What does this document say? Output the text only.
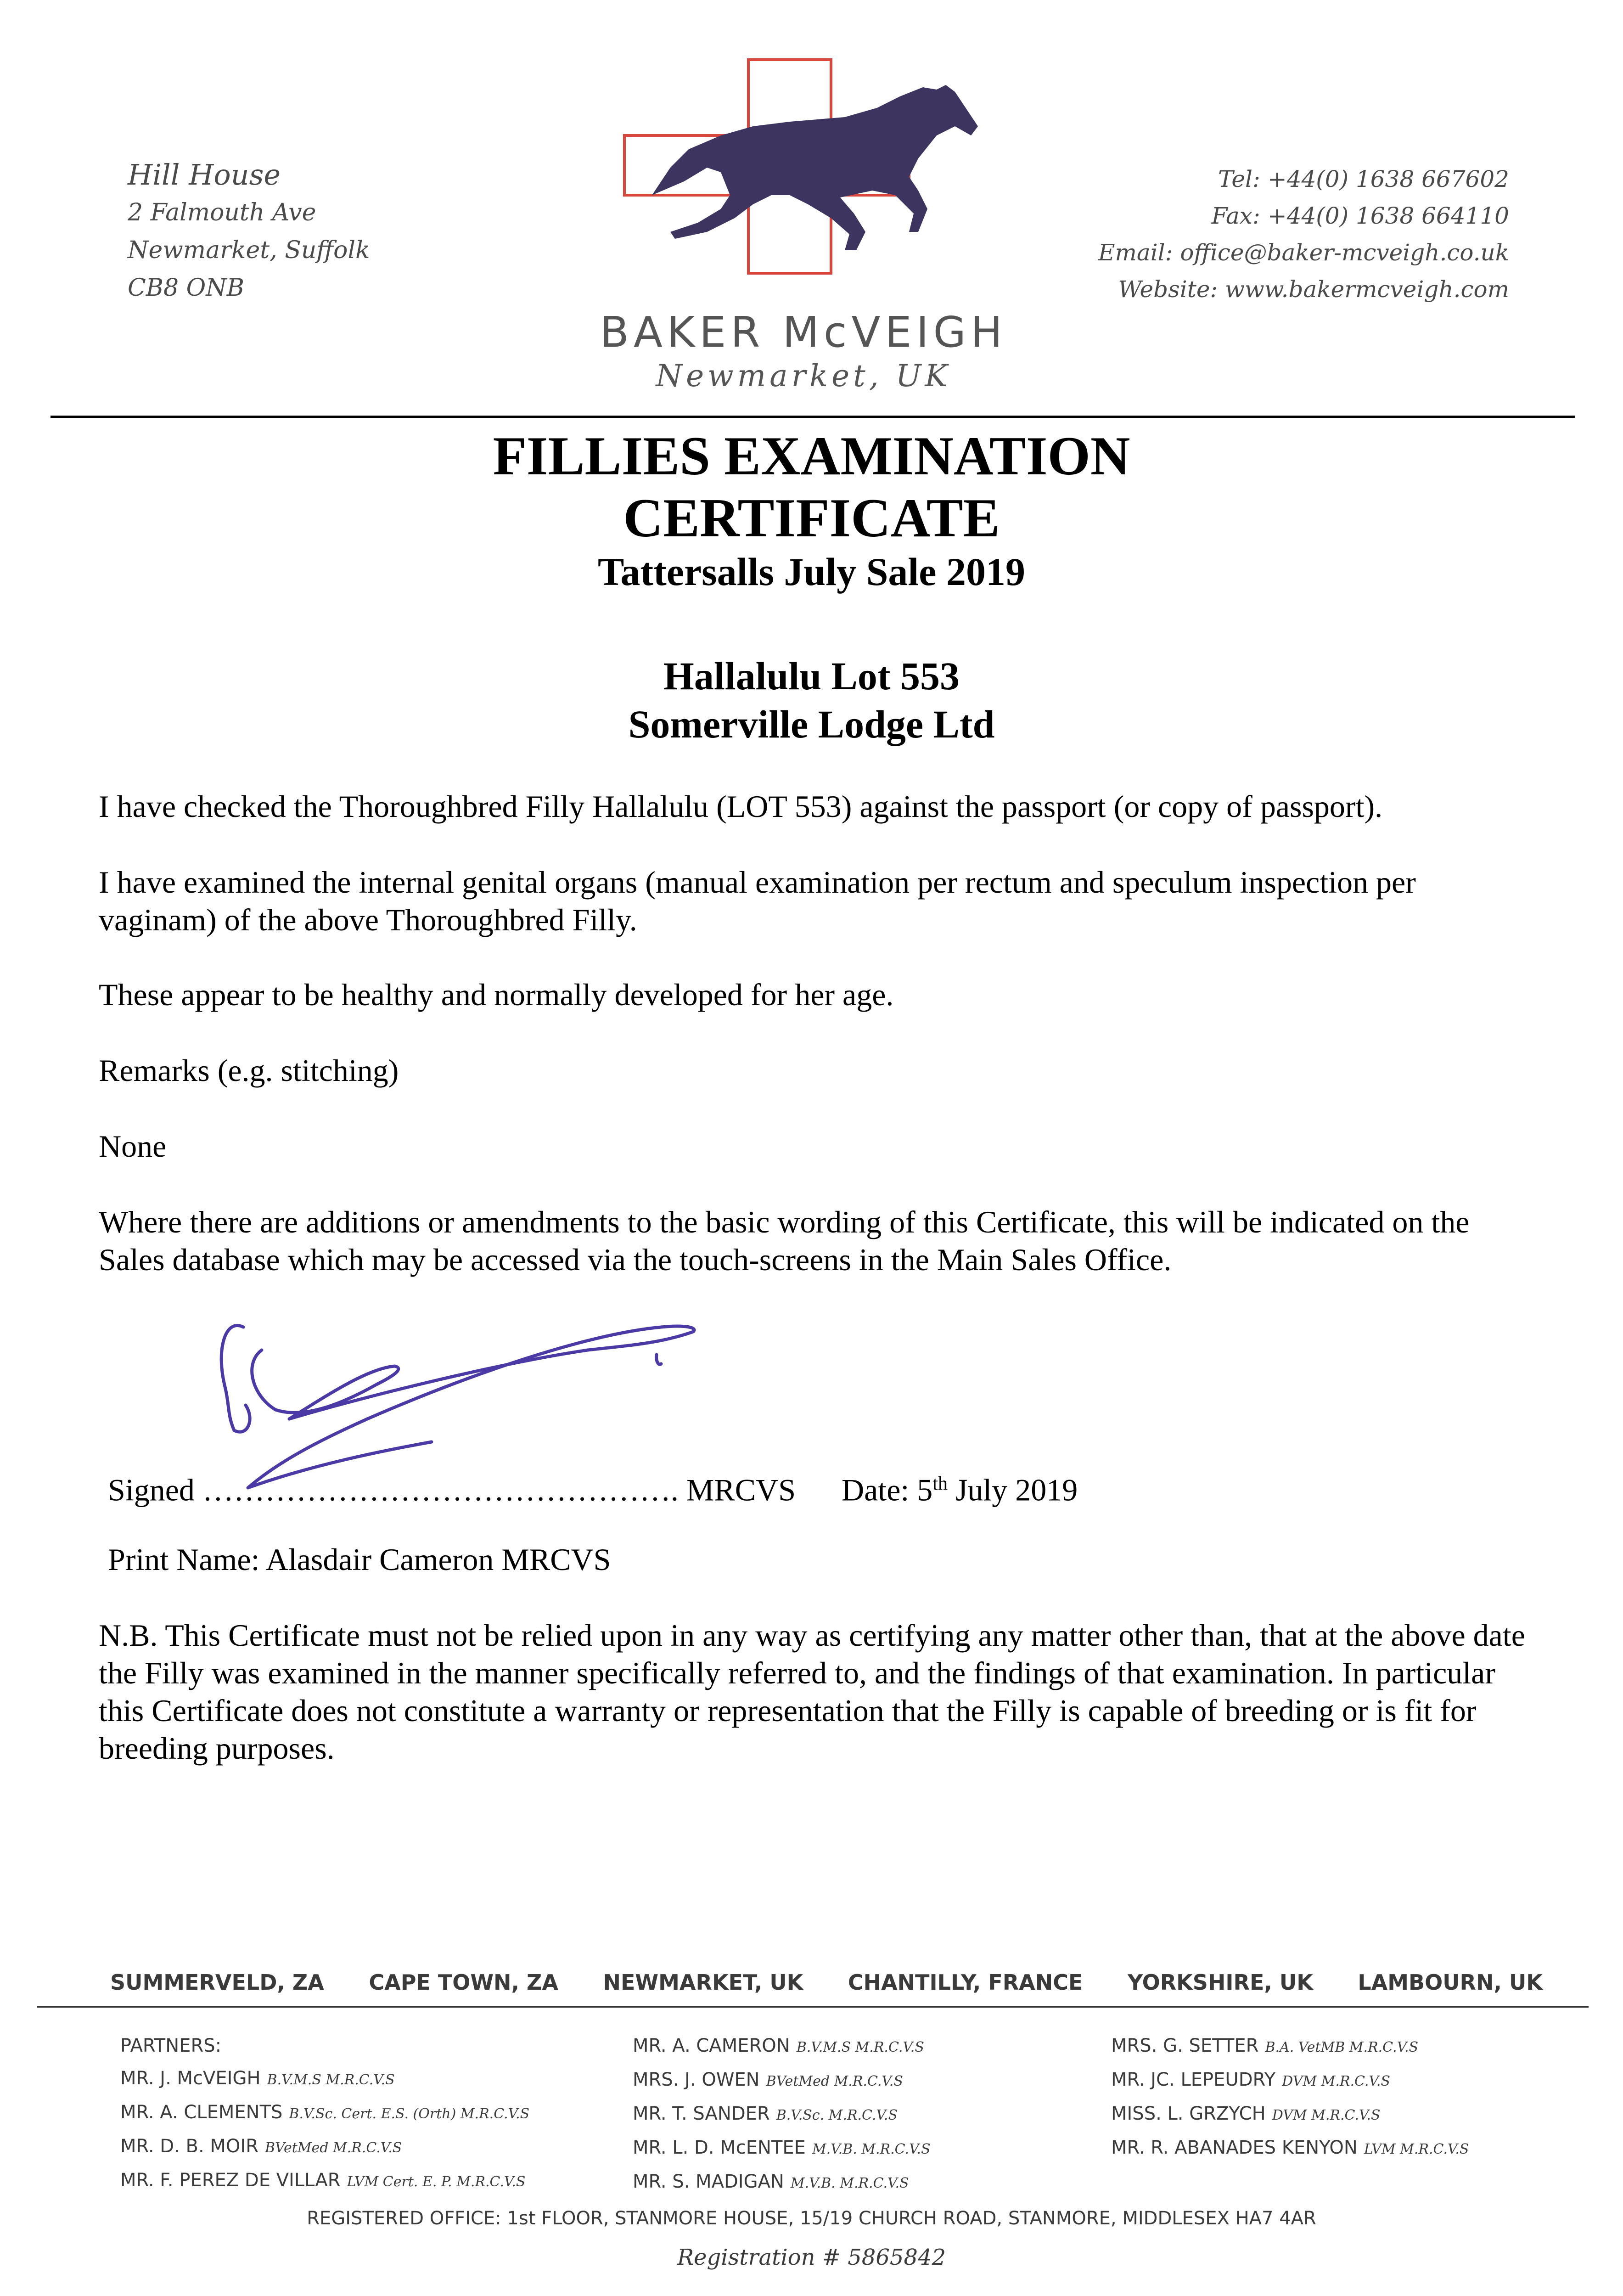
Hill House
2 Falmouth Ave
Newmarket, Suffolk
CB8 ONB
BAKER McVEIGH
Newmarket, UK
Tel: +44(0) 1638 667602
Fax: +44(0) 1638 664110
Email: office@baker-mcveigh.co.uk
Website: www.bakermcveigh.com
FILLIES EXAMINATION
CERTIFICATE
Tattersalls July Sale 2019
Hallalulu Lot 553
Somerville Lodge Ltd
I have checked the Thoroughbred Filly Hallalulu (LOT 553) against the passport (or copy of passport).
I have examined the internal genital organs (manual examination per rectum and speculum inspection per vaginam) of the above Thoroughbred Filly.
These appear to be healthy and normally developed for her age.
Remarks (e.g. stitching)
None
Where there are additions or amendments to the basic wording of this Certificate, this will be indicated on the Sales database which may be accessed via the touch-screens in the Main Sales Office.
Signed ………………………………………. MRCVS Date: 5th July 2019
Print Name: Alasdair Cameron MRCVS
N.B. This Certificate must not be relied upon in any way as certifying any matter other than, that at the above date the Filly was examined in the manner specifically referred to, and the findings of that examination. In particular this Certificate does not constitute a warranty or representation that the Filly is capable of breeding or is fit for breeding purposes.
SUMMERVELD, ZA CAPE TOWN, ZA NEWMARKET, UK CHANTILLY, FRANCE YORKSHIRE, UK LAMBOURN, UK
PARTNERS:
MR. J. McVEIGH B.V.M.S M.R.C.V.S
MR. A. CLEMENTS B.V.Sc. Cert. E.S. (Orth) M.R.C.V.S
MR. D. B. MOIR BVetMed M.R.C.V.S
MR. F. PEREZ DE VILLAR LVM Cert. E. P. M.R.C.V.S
MR. A. CAMERON B.V.M.S M.R.C.V.S
MRS. J. OWEN BVetMed M.R.C.V.S
MR. T. SANDER B.V.Sc. M.R.C.V.S
MR. L. D. McENTEE M.V.B. M.R.C.V.S
MR. S. MADIGAN M.V.B. M.R.C.V.S
MRS. G. SETTER B.A. VetMB M.R.C.V.S
MR. JC. LEPEUDRY DVM M.R.C.V.S
MISS. L. GRZYCH DVM M.R.C.V.S
MR. R. ABANADES KENYON LVM M.R.C.V.S
REGISTERED OFFICE: 1st FLOOR, STANMORE HOUSE, 15/19 CHURCH ROAD, STANMORE, MIDDLESEX HA7 4AR
Registration # 5865842
